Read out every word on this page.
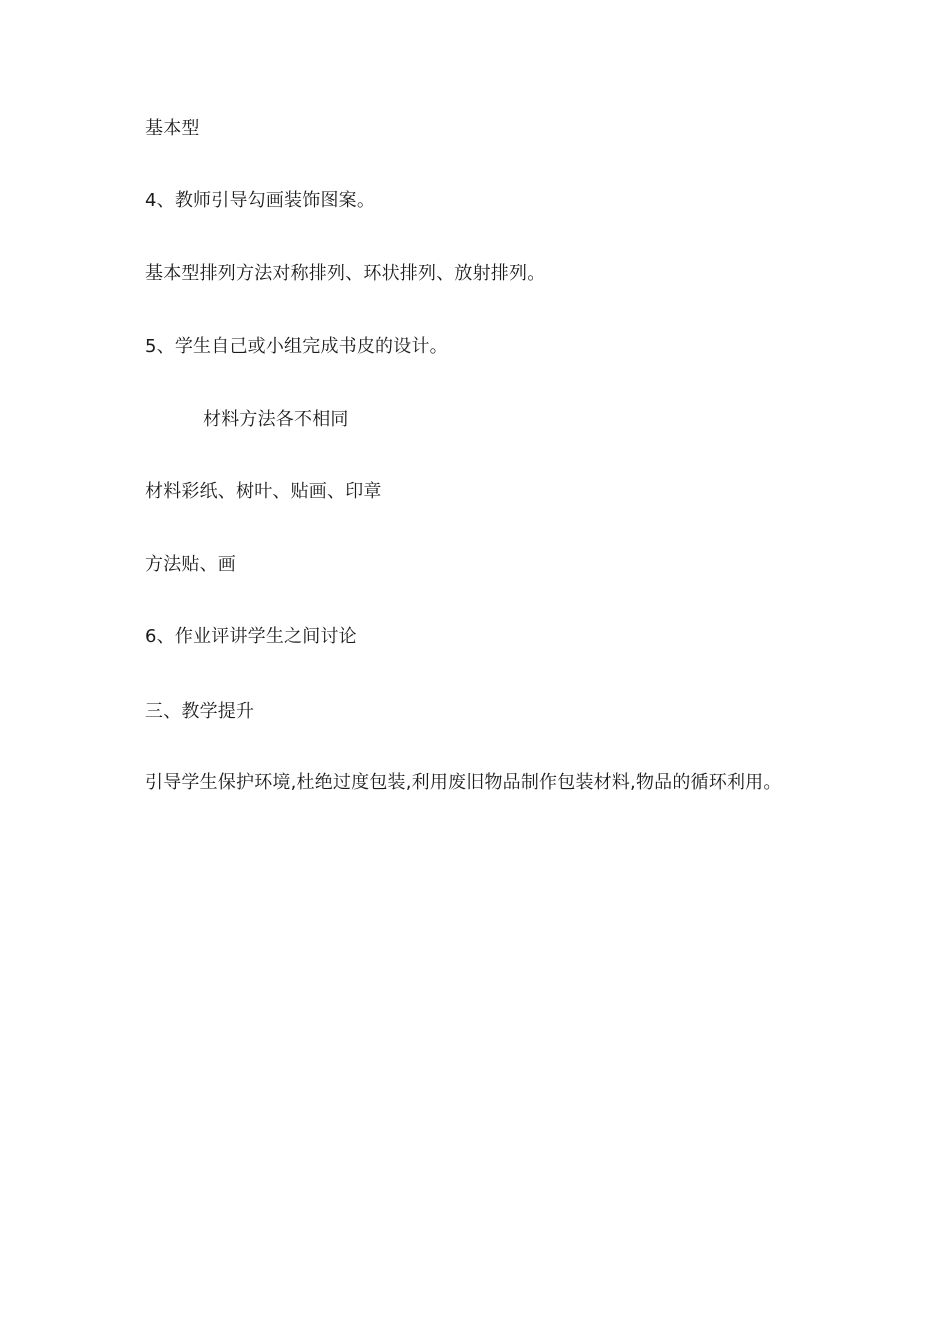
基本型
4、教师引导勾画装饰图案。
基本型排列方法对称排列、环状排列、放射排列。
5、学生自己或小组完成书皮的设计。
材料方法各不相同
材料彩纸、树叶、贴画、印章
方法贴、画
6、作业评讲学生之间讨论
三、教学提升
引导学生保护环境,杜绝过度包装,利用废旧物品制作包装材料,物品的循环利用。
